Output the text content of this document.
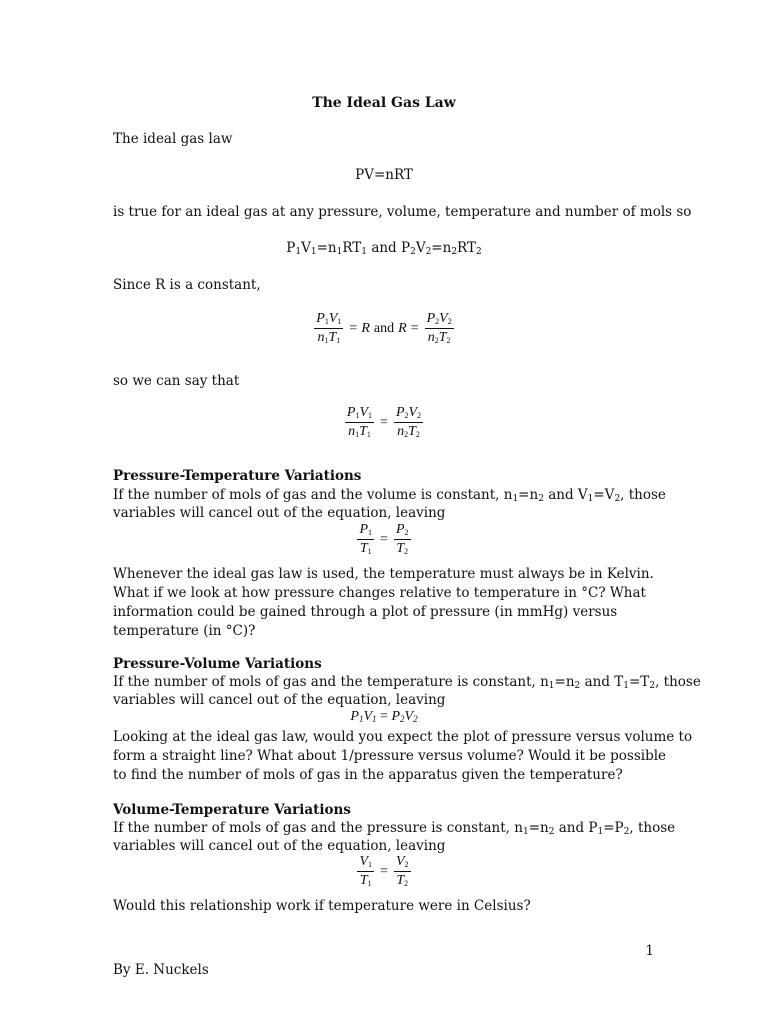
The Ideal Gas Law
The ideal gas law
PV=nRT
is true for an ideal gas at any pressure, volume, temperature and number of mols so
$P_1V_1=n_1RT_1$ and $P_2V_2=n_2RT_2$
Since R is a constant,
$\frac{P_1V_1}{n_1T_1} = R$ and $R = \frac{P_2V_2}{n_2T_2}$
so we can say that
$\frac{P_1V_1}{n_1T_1} = \frac{P_2V_2}{n_2T_2}$
Pressure-Temperature Variations
If the number of mols of gas and the volume is constant, $n_1=n_2$ and $V_1=V_2$, those
variables will cancel out of the equation, leaving
$\frac{P_1}{T_1} = \frac{P_2}{T_2}$
Whenever the ideal gas law is used, the temperature must always be in Kelvin.
What if we look at how pressure changes relative to temperature in °C? What
information could be gained through a plot of pressure (in mmHg) versus
temperature (in °C)?
Pressure-Volume Variations
If the number of mols of gas and the temperature is constant, $n_1=n_2$ and $T_1=T_2$, those
variables will cancel out of the equation, leaving
$P_1V_1 = P_2V_2$
Looking at the ideal gas law, would you expect the plot of pressure versus volume to
form a straight line? What about 1/pressure versus volume? Would it be possible
to find the number of mols of gas in the apparatus given the temperature?
Volume-Temperature Variations
If the number of mols of gas and the pressure is constant, $n_1=n_2$ and $P_1=P_2$, those
variables will cancel out of the equation, leaving
$\frac{V_1}{T_1} = \frac{V_2}{T_2}$
Would this relationship work if temperature were in Celsius?
1
By E. Nuckels
